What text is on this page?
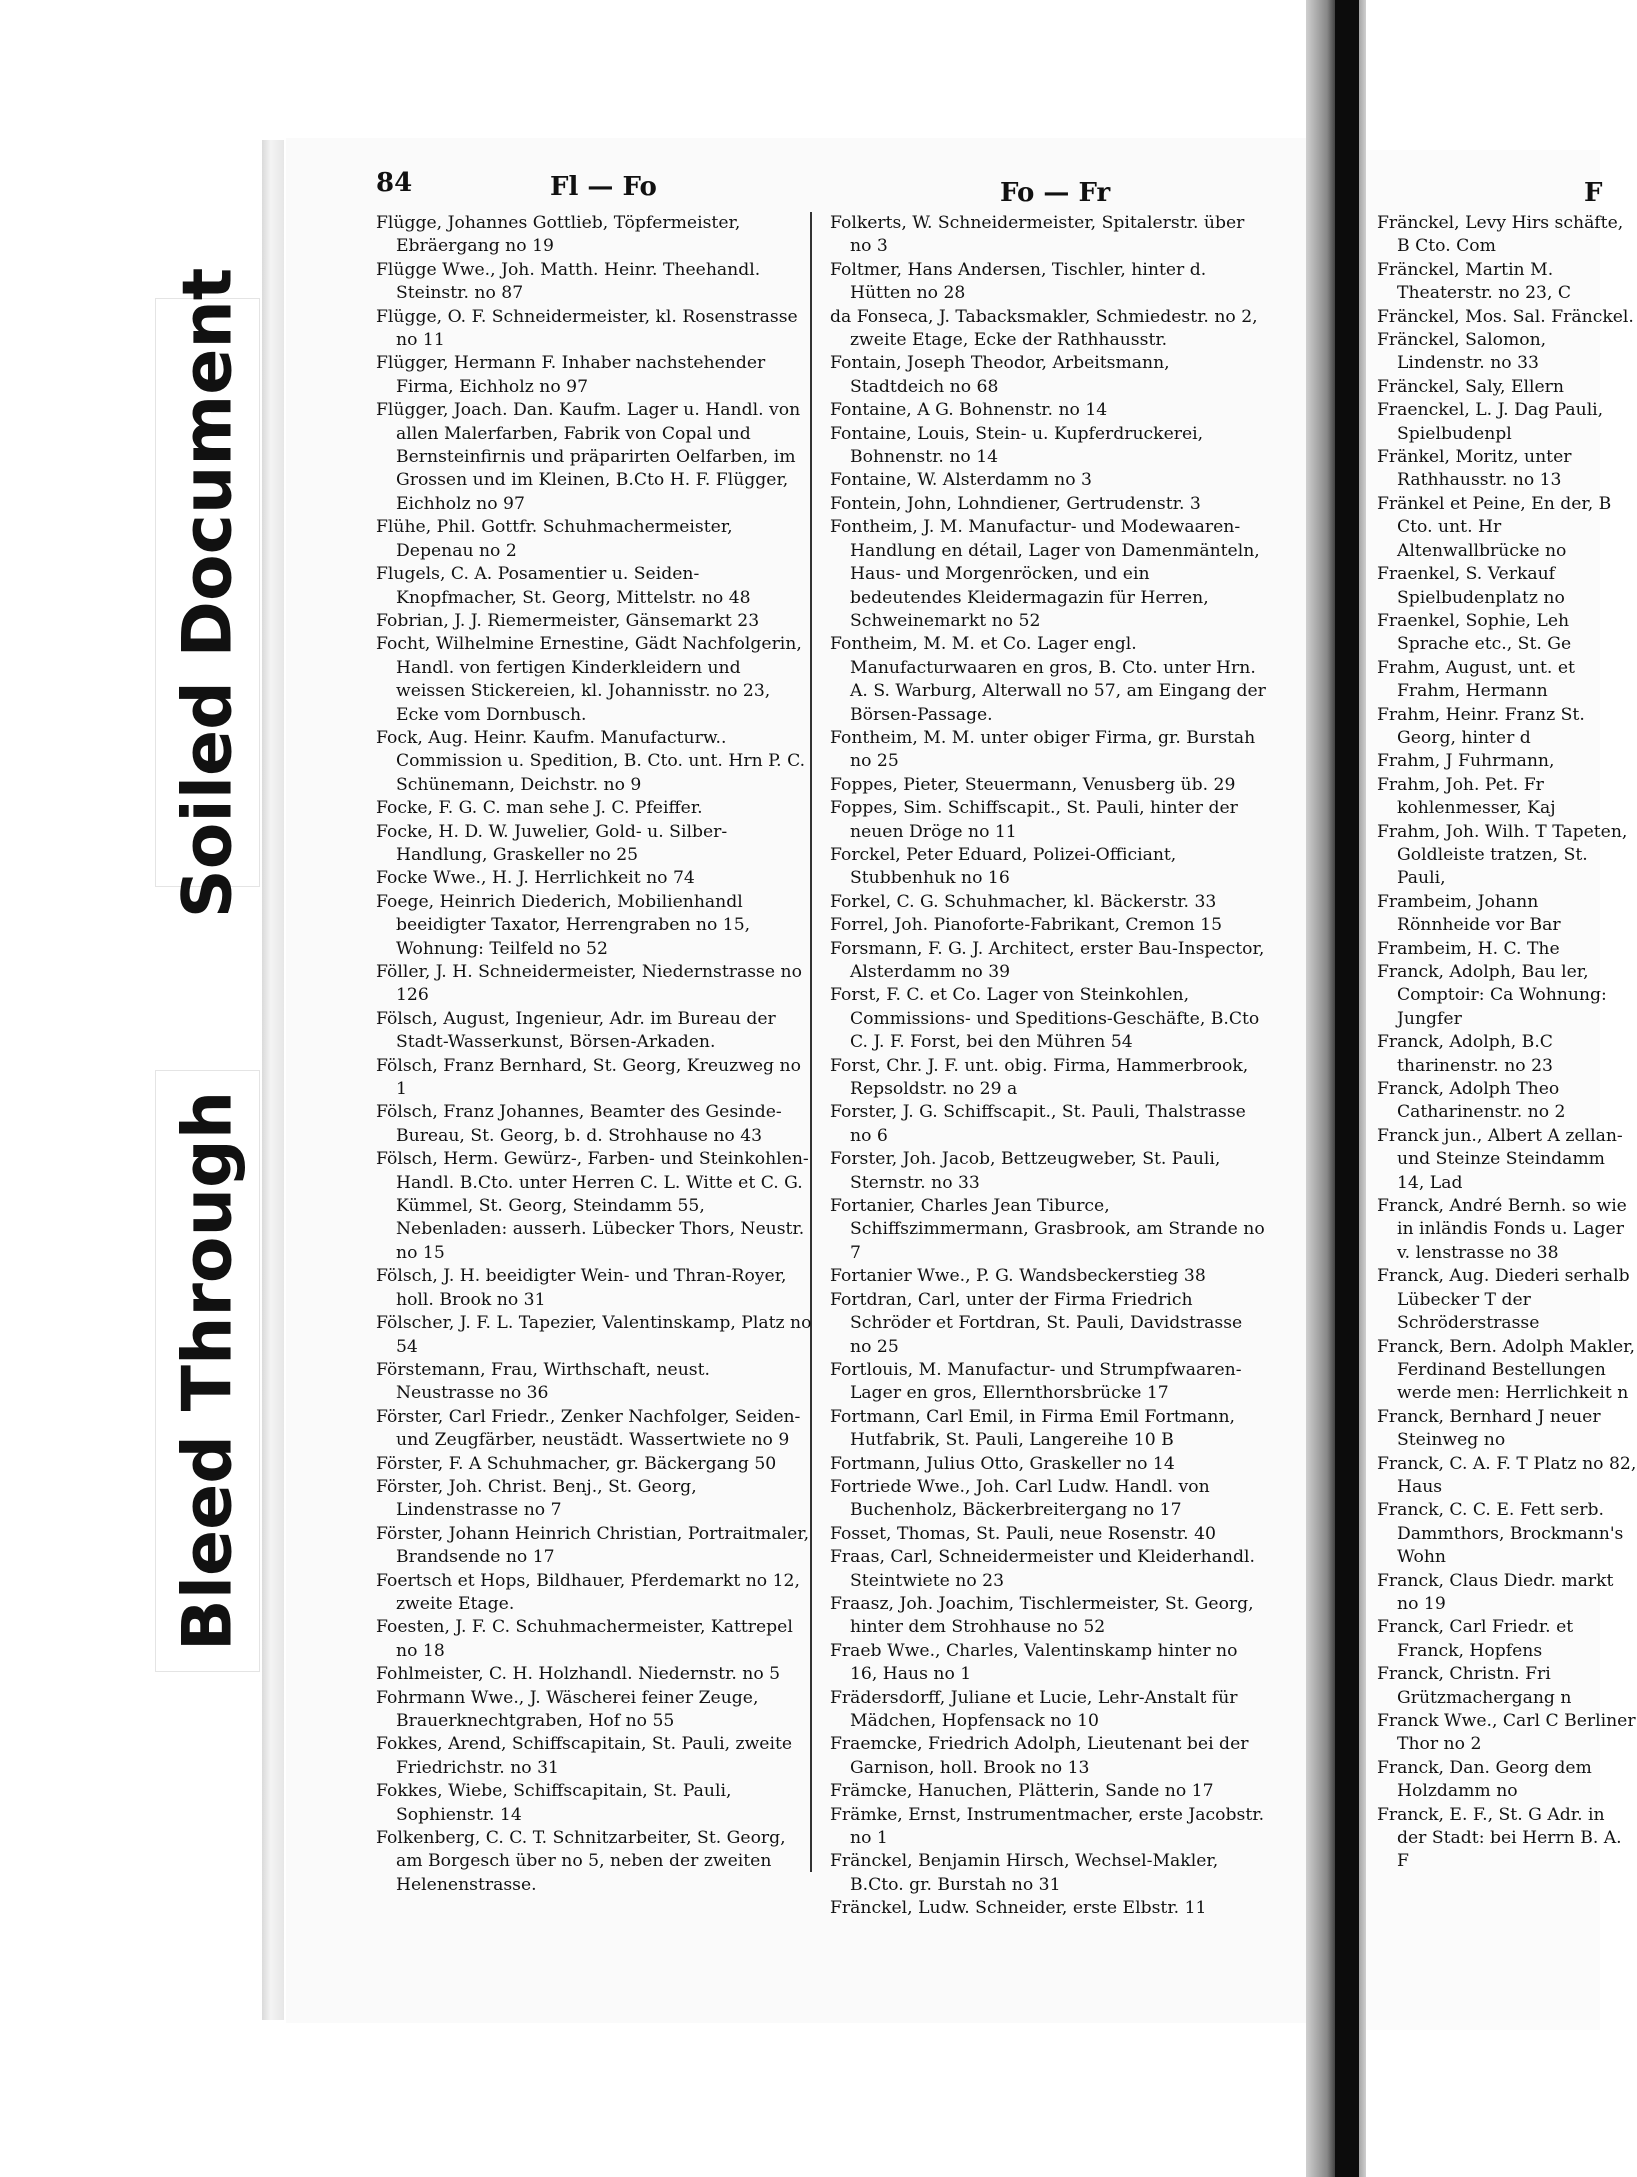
Soiled Document
Bleed Through
84	Fl — Fo	Fo — Fr	F
Flügge, Johannes Gottlieb, Töpfermeister, Ebräergang no 19
Flügge Wwe., Joh. Matth. Heinr. Theehandl. Steinstr. no 87
Flügge, O. F. Schneidermeister, kl. Rosenstrasse no 11
Flügger, Hermann F. Inhaber nachstehender Firma, Eichholz no 97
Flügger, Joach. Dan. Kaufm. Lager u. Handl. von allen Malerfarben, Fabrik von Copal und Bernsteinfirnis und präparirten Oelfarben, im Grossen und im Kleinen, B.Cto H. F. Flügger, Eichholz no 97
Flühe, Phil. Gottfr. Schuhmachermeister, Depenau no 2
Flugels, C. A. Posamentier u. Seiden-Knopfmacher, St. Georg, Mittelstr. no 48
Fobrian, J. J. Riemermeister, Gänsemarkt 23
Focht, Wilhelmine Ernestine, Gädt Nachfolgerin, Handl. von fertigen Kinderkleidern und weissen Stickereien, kl. Johannisstr. no 23, Ecke vom Dornbusch.
Fock, Aug. Heinr. Kaufm. Manufacturw.. Commission u. Spedition, B. Cto. unt. Hrn P. C. Schünemann, Deichstr. no 9
Focke, F. G. C. man sehe J. C. Pfeiffer.
Focke, H. D. W. Juwelier, Gold- u. Silber-Handlung, Graskeller no 25
Focke Wwe., H. J. Herrlichkeit no 74
Foege, Heinrich Diederich, Mobilienhandl beeidigter Taxator, Herrengraben no 15, Wohnung: Teilfeld no 52
Föller, J. H. Schneidermeister, Niedernstrasse no 126
Fölsch, August, Ingenieur, Adr. im Bureau der Stadt-Wasserkunst, Börsen-Arkaden.
Fölsch, Franz Bernhard, St. Georg, Kreuzweg no 1
Fölsch, Franz Johannes, Beamter des Gesinde-Bureau, St. Georg, b. d. Strohhause no 43
Fölsch, Herm. Gewürz-, Farben- und Steinkohlen-Handl. B.Cto. unter Herren C. L. Witte et C. G. Kümmel, St. Georg, Steindamm 55, Nebenladen: ausserh. Lübecker Thors, Neustr. no 15
Fölsch, J. H. beeidigter Wein- und Thran-Royer, holl. Brook no 31
Fölscher, J. F. L. Tapezier, Valentinskamp, Platz no 54
Förstemann, Frau, Wirthschaft, neust. Neustrasse no 36
Förster, Carl Friedr., Zenker Nachfolger, Seiden- und Zeugfärber, neustädt. Wassertwiete no 9
Förster, F. A Schuhmacher, gr. Bäckergang 50
Förster, Joh. Christ. Benj., St. Georg, Lindenstrasse no 7
Förster, Johann Heinrich Christian, Portraitmaler, Brandsende no 17
Foertsch et Hops, Bildhauer, Pferdemarkt no 12, zweite Etage.
Foesten, J. F. C. Schuhmachermeister, Kattrepel no 18
Fohlmeister, C. H. Holzhandl. Niedernstr. no 5
Fohrmann Wwe., J. Wäscherei feiner Zeuge, Brauerknechtgraben, Hof no 55
Fokkes, Arend, Schiffscapitain, St. Pauli, zweite Friedrichstr. no 31
Fokkes, Wiebe, Schiffscapitain, St. Pauli, Sophienstr. 14
Folkenberg, C. C. T. Schnitzarbeiter, St. Georg, am Borgesch über no 5, neben der zweiten Helenenstrasse.
Folkerts, W. Schneidermeister, Spitalerstr. über no 3
Foltmer, Hans Andersen, Tischler, hinter d. Hütten no 28
da Fonseca, J. Tabacksmakler, Schmiedestr. no 2, zweite Etage, Ecke der Rathhausstr.
Fontain, Joseph Theodor, Arbeitsmann, Stadtdeich no 68
Fontaine, A G. Bohnenstr. no 14
Fontaine, Louis, Stein- u. Kupferdruckerei, Bohnenstr. no 14
Fontaine, W. Alsterdamm no 3
Fontein, John, Lohndiener, Gertrudenstr. 3
Fontheim, J. M. Manufactur- und Modewaaren-Handlung en détail, Lager von Damenmänteln, Haus- und Morgenröcken, und ein bedeutendes Kleidermagazin für Herren, Schweinemarkt no 52
Fontheim, M. M. et Co. Lager engl. Manufacturwaaren en gros, B. Cto. unter Hrn. A. S. Warburg, Alterwall no 57, am Eingang der Börsen-Passage.
Fontheim, M. M. unter obiger Firma, gr. Burstah no 25
Foppes, Pieter, Steuermann, Venusberg üb. 29
Foppes, Sim. Schiffscapit., St. Pauli, hinter der neuen Dröge no 11
Forckel, Peter Eduard, Polizei-Officiant, Stubbenhuk no 16
Forkel, C. G. Schuhmacher, kl. Bäckerstr. 33
Forrel, Joh. Pianoforte-Fabrikant, Cremon 15
Forsmann, F. G. J. Architect, erster Bau-Inspector, Alsterdamm no 39
Forst, F. C. et Co. Lager von Steinkohlen, Commissions- und Speditions-Geschäfte, B.Cto C. J. F. Forst, bei den Mühren 54
Forst, Chr. J. F. unt. obig. Firma, Hammerbrook, Repsoldstr. no 29 a
Forster, J. G. Schiffscapit., St. Pauli, Thalstrasse no 6
Forster, Joh. Jacob, Bettzeugweber, St. Pauli, Sternstr. no 33
Fortanier, Charles Jean Tiburce, Schiffszimmermann, Grasbrook, am Strande no 7
Fortanier Wwe., P. G. Wandsbeckerstieg 38
Fortdran, Carl, unter der Firma Friedrich Schröder et Fortdran, St. Pauli, Davidstrasse no 25
Fortlouis, M. Manufactur- und Strumpfwaaren-Lager en gros, Ellernthorsbrücke 17
Fortmann, Carl Emil, in Firma Emil Fortmann, Hutfabrik, St. Pauli, Langereihe 10 B
Fortmann, Julius Otto, Graskeller no 14
Fortriede Wwe., Joh. Carl Ludw. Handl. von Buchenholz, Bäckerbreitergang no 17
Fosset, Thomas, St. Pauli, neue Rosenstr. 40
Fraas, Carl, Schneidermeister und Kleiderhandl. Steintwiete no 23
Fraasz, Joh. Joachim, Tischlermeister, St. Georg, hinter dem Strohhause no 52
Fraeb Wwe., Charles, Valentinskamp hinter no 16, Haus no 1
Frädersdorff, Juliane et Lucie, Lehr-Anstalt für Mädchen, Hopfensack no 10
Fraemcke, Friedrich Adolph, Lieutenant bei der Garnison, holl. Brook no 13
Främcke, Hanuchen, Plätterin, Sande no 17
Främke, Ernst, Instrumentmacher, erste Jacobstr. no 1
Fränckel, Benjamin Hirsch, Wechsel-Makler, B.Cto. gr. Burstah no 31
Fränckel, Ludw. Schneider, erste Elbstr. 11
Fränckel, Levy Hirs schäfte, B Cto. Com
Fränckel, Martin M. Theaterstr. no 23, C
Fränckel, Mos. Sal. Fränckel.
Fränckel, Salomon, Lindenstr. no 33
Fränckel, Saly, Ellern
Fraenckel, L. J. Dag Pauli, Spielbudenpl
Fränkel, Moritz, unter Rathhausstr. no 13
Fränkel et Peine, En der, B Cto. unt. Hr Altenwallbrücke no
Fraenkel, S. Verkauf Spielbudenplatz no
Fraenkel, Sophie, Leh Sprache etc., St. Ge
Frahm, August, unt. et Frahm, Hermann
Frahm, Heinr. Franz St. Georg, hinter d
Frahm, J Fuhrmann,
Frahm, Joh. Pet. Fr kohlenmesser, Kaj
Frahm, Joh. Wilh. T Tapeten, Goldleiste tratzen, St. Pauli,
Frambeim, Johann Rönnheide vor Bar
Frambeim, H. C. The
Franck, Adolph, Bau ler, Comptoir: Ca Wohnung: Jungfer
Franck, Adolph, B.C tharinenstr. no 23
Franck, Adolph Theo Catharinenstr. no 2
Franck jun., Albert A zellan- und Steinze Steindamm 14, Lad
Franck, André Bernh. so wie in inländis Fonds u. Lager v. lenstrasse no 38
Franck, Aug. Diederi serhalb Lübecker T der Schröderstrasse
Franck, Bern. Adolph Makler, Ferdinand Bestellungen werde men: Herrlichkeit n
Franck, Bernhard J neuer Steinweg no
Franck, C. A. F. T Platz no 82, Haus
Franck, C. C. E. Fett serb. Dammthors, Brockmann's Wohn
Franck, Claus Diedr. markt no 19
Franck, Carl Friedr. et Franck, Hopfens
Franck, Christn. Fri Grützmachergang n
Franck Wwe., Carl C Berliner Thor no 2
Franck, Dan. Georg dem Holzdamm no
Franck, E. F., St. G Adr. in der Stadt: bei Herrn B. A. F
